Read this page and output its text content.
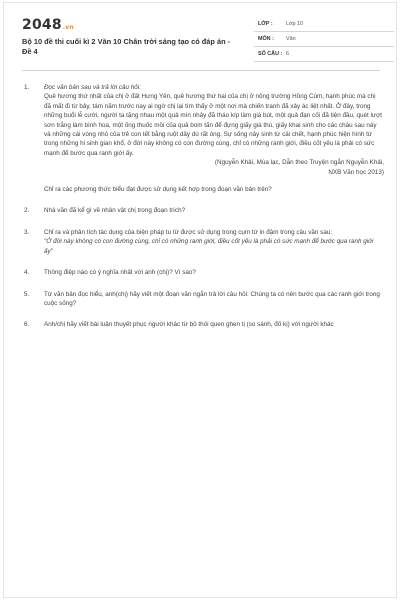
2048.vn
Bộ 10 đề thi cuối kì 2 Văn 10 Chân trời sáng tạo có đáp án - Đề 4
LỚP : Lớp 10
MÔN : Văn
SỐ CÂU : 6
1. Đọc văn bản sau và trả lời câu hỏi:
Quê hương thứ nhất của chị ở đất Hưng Yên, quê hương thứ hai của chị ở nông trường Hồng Cúm, hạnh phúc mà chị đã mất đi từ bảy, tám năm trước nay ai ngờ chị lại tìm thấy ở một nơi mà chiến tranh đã xảy ác liệt nhất. Ở đây, trong những buổi lễ cưới, người ta tặng nhau một quả mìn nhảy đã tháo kíp làm giá bút, một quả đạn cối đã tiện đầu, quét lượt sơn trắng làm bình hoa, một ống thuốc mồi của quả bom tấn để đựng giấy giá thú, giấy khai sinh cho các cháu sau này và những cái vòng nhỏ của trẻ con tết bằng ruột dây dù rất óng. Sự sống nảy sinh từ cái chết, hạnh phúc hiện hình từ trong những hi sinh gian khổ, ở đời này không có con đường cùng, chỉ có những ranh giới, điều cốt yếu là phải có sức mạnh để bước qua ranh giới ấy.
(Nguyễn Khải, Mùa lạc, Dẫn theo Truyện ngắn Nguyễn Khải,
NXB Văn học 2013)
Chỉ ra các phương thức biểu đạt được sử dụng kết hợp trong đoạn văn bản trên?
2. Nhà văn đã kể gì về nhân vật chị trong đoạn trích?
3. Chỉ ra và phân tích tác dụng của biện pháp tu từ được sử dụng trong cụm từ in đậm trong câu văn sau:
"Ở đời này không có con đường cùng, chỉ có những ranh giới, điều cốt yếu là phải có sức mạnh để bước qua ranh giới ấy"
4. Thông điệp nào có ý nghĩa nhất với anh (chị)? Vì sao?
5. Từ văn bản đọc hiểu, anh(chị) hãy viết một đoạn văn ngắn trả lời câu hỏi: Chúng ta có nên bước qua các ranh giới trong cuộc sống?
6. Anh/chị hãy viết bài luận thuyết phục người khác từ bỏ thói quen ghen tị (so sánh, đố kị) với người khác
